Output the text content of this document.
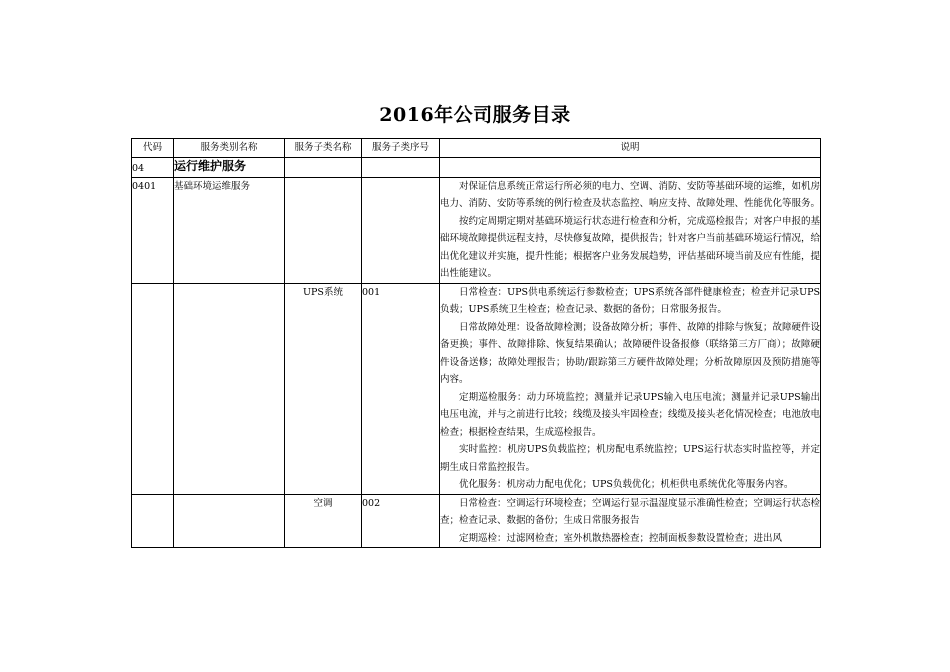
2016年公司服务目录
代码	服务类别名称	服务子类名称	服务子类序号	说明
04	运行维护服务			
0401	基础环境运维服务			对保证信息系统正常运行所必须的电力、空调、消防、安防等基础环境的运维，如机房电力、消防、安防等系统的例行检查及状态监控、响应支持、故障处理、性能优化等服务。

按约定周期定期对基础环境运行状态进行检查和分析，完成巡检报告；对客户申报的基础环境故障提供远程支持，尽快修复故障，提供报告；针对客户当前基础环境运行情况，给出优化建议并实施，提升性能；根据客户业务发展趋势，评估基础环境当前及应有性能，提出性能建议。

		UPS系统	001	日常检查：UPS供电系统运行参数检查；UPS系统各部件健康检查；检查并记录UPS负载；UPS系统卫生检查；检查记录、数据的备份；日常服务报告。

日常故障处理：设备故障检测；设备故障分析；事件、故障的排除与恢复；故障硬件设备更换；事件、故障排除、恢复结果确认；故障硬件设备报修（联络第三方厂商）；故障硬件设备送修；故障处理报告；协助/跟踪第三方硬件故障处理；分析故障原因及预防措施等内容。

定期巡检服务：动力环境监控；测量并记录UPS输入电压电流；测量并记录UPS输出电压电流，并与之前进行比较；线缆及接头牢固检查；线缆及接头老化情况检查；电池放电检查；根据检查结果，生成巡检报告。

实时监控：机房UPS负载监控；机房配电系统监控；UPS运行状态实时监控等，并定期生成日常监控报告。

优化服务：机房动力配电优化；UPS负载优化；机柜供电系统优化等服务内容。

		空调	002	日常检查：空调运行环境检查；空调运行显示温湿度显示准确性检查；空调运行状态检查；检查记录、数据的备份；生成日常服务报告

定期巡检：过滤网检查；室外机散热器检查；控制面板参数设置检查；进出风
